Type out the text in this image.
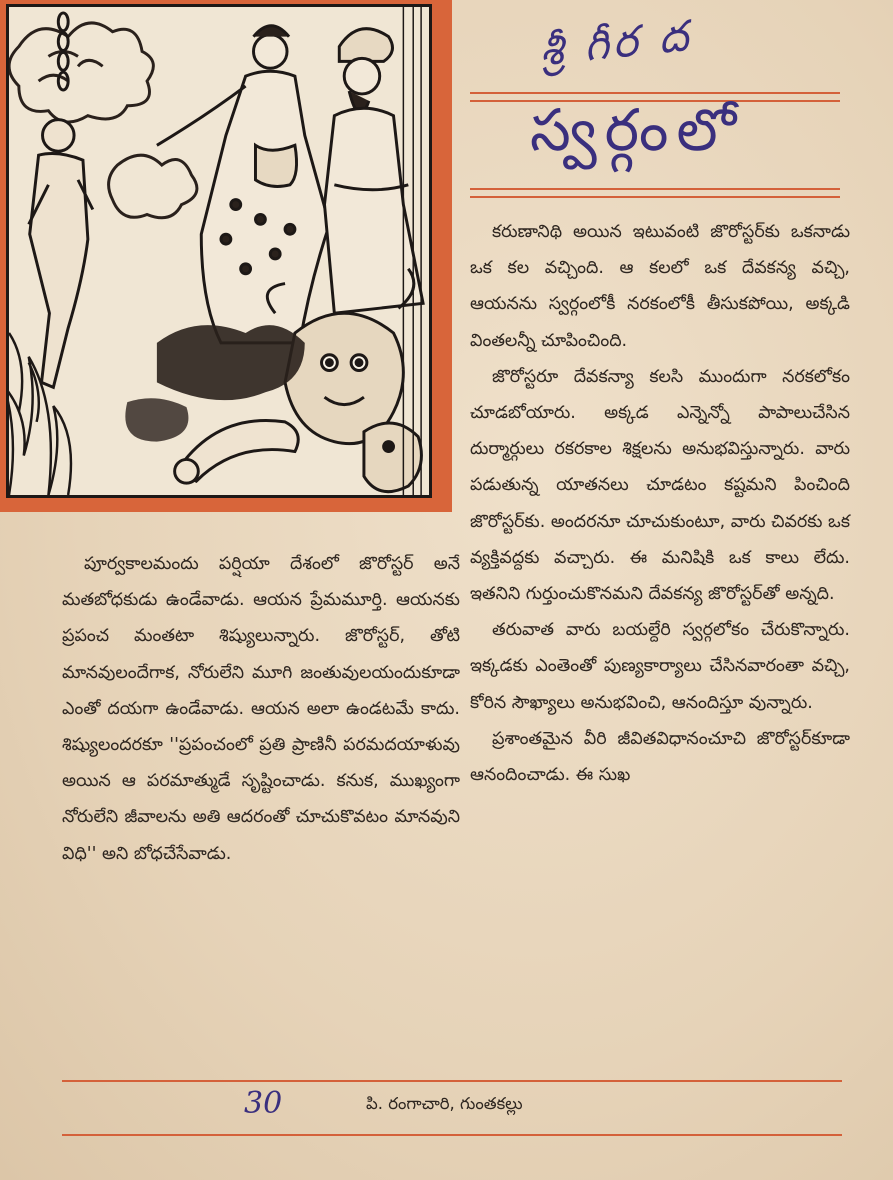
శ్రీ గీర ద
స్వర్గంలో

కరుణానిథి అయిన ఇటువంటి జొరోస్టర్‌కు ఒకనాడు ఒక కల వచ్చింది. ఆ కలలో ఒక దేవకన్య వచ్చి, ఆయనను స్వర్గంలోకీ నరకంలోకీ తీసుకపోయి, అక్కడి వింతలన్నీ చూపించింది.

జొరోస్టరూ దేవకన్యా కలసి ముందుగా నరకలోకం చూడబోయారు. అక్కడ ఎన్నెన్నో పాపాలుచేసిన దుర్మార్గులు రకరకాల శిక్షలను అనుభవిస్తున్నారు. వారు పడుతున్న యాతనలు చూడటం కష్టమని పించింది జొరోస్టర్‌కు. అందరనూ చూచుకుంటూ, వారు చివరకు ఒక వ్యక్తివద్దకు వచ్చారు. ఈ మనిషికి ఒక కాలు లేదు. ఇతనిని గుర్తుంచుకొనమని దేవకన్య జొరోస్టర్‌తో అన్నది.

తరువాత వారు బయల్దేరి స్వర్గలోకం చేరుకొన్నారు. ఇక్కడకు ఎంతెంతో పుణ్యకార్యాలు చేసినవారంతా వచ్చి, కోరిన సౌఖ్యాలు అనుభవించి, ఆనందిస్తూ వున్నారు.

ప్రశాంతమైన వీరి జీవితవిధానంచూచి జొరోస్టర్‌కూడా ఆనందించాడు. ఈ సుఖ

పూర్వకాలమందు పర్షియా దేశంలో జొరోస్టర్ అనే మతబోధకుడు ఉండేవాడు. ఆయన ప్రేమమూర్తి. ఆయనకు ప్రపంచ మంతటా శిష్యులున్నారు. జొరోస్టర్, తోటి మానవులందేగాక, నోరులేని మూగి జంతువులయందుకూడా ఎంతో దయగా ఉండేవాడు. ఆయన అలా ఉండటమే కాదు. శిష్యులందరకూ ''ప్రపంచంలో ప్రతి ప్రాణినీ పరమదయాళువు అయిన ఆ పరమాత్ముడే సృష్టించాడు. కనుక, ముఖ్యంగా నోరులేని జీవాలను అతి ఆదరంతో చూచుకొవటం మానవుని విధి'' అని బోధచేసేవాడు.

30	పి. రంగాచారి, గుంతకల్లు
